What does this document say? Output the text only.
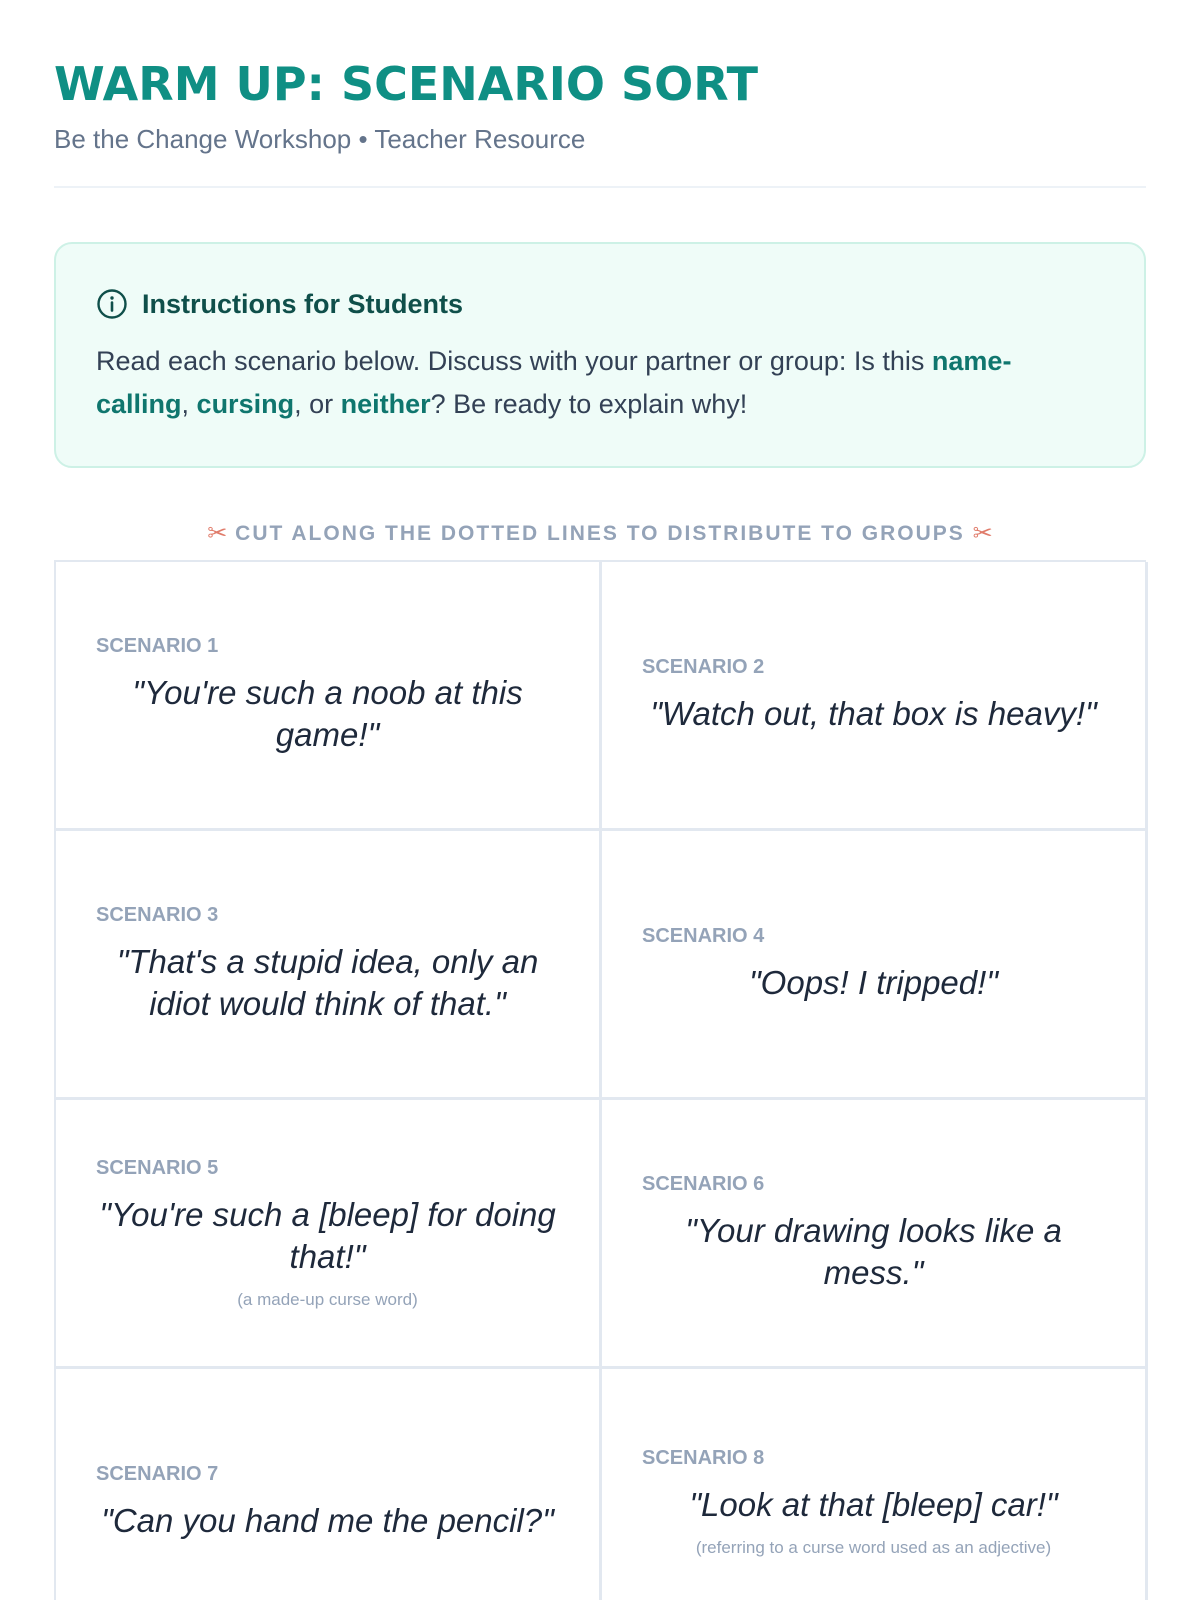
WARM UP: SCENARIO SORT
Be the Change Workshop • Teacher Resource
Instructions for Students
Read each scenario below. Discuss with your partner or group: Is this name-calling, cursing, or neither? Be ready to explain why!
✂ CUT ALONG THE DOTTED LINES TO DISTRIBUTE TO GROUPS ✂
SCENARIO 1
"You're such a noob at this game!"
SCENARIO 2
"Watch out, that box is heavy!"
SCENARIO 3
"That's a stupid idea, only an idiot would think of that."
SCENARIO 4
"Oops! I tripped!"
SCENARIO 5
"You're such a [bleep] for doing that!"
(a made-up curse word)
SCENARIO 6
"Your drawing looks like a mess."
SCENARIO 7
"Can you hand me the pencil?"
SCENARIO 8
"Look at that [bleep] car!"
(referring to a curse word used as an adjective)
